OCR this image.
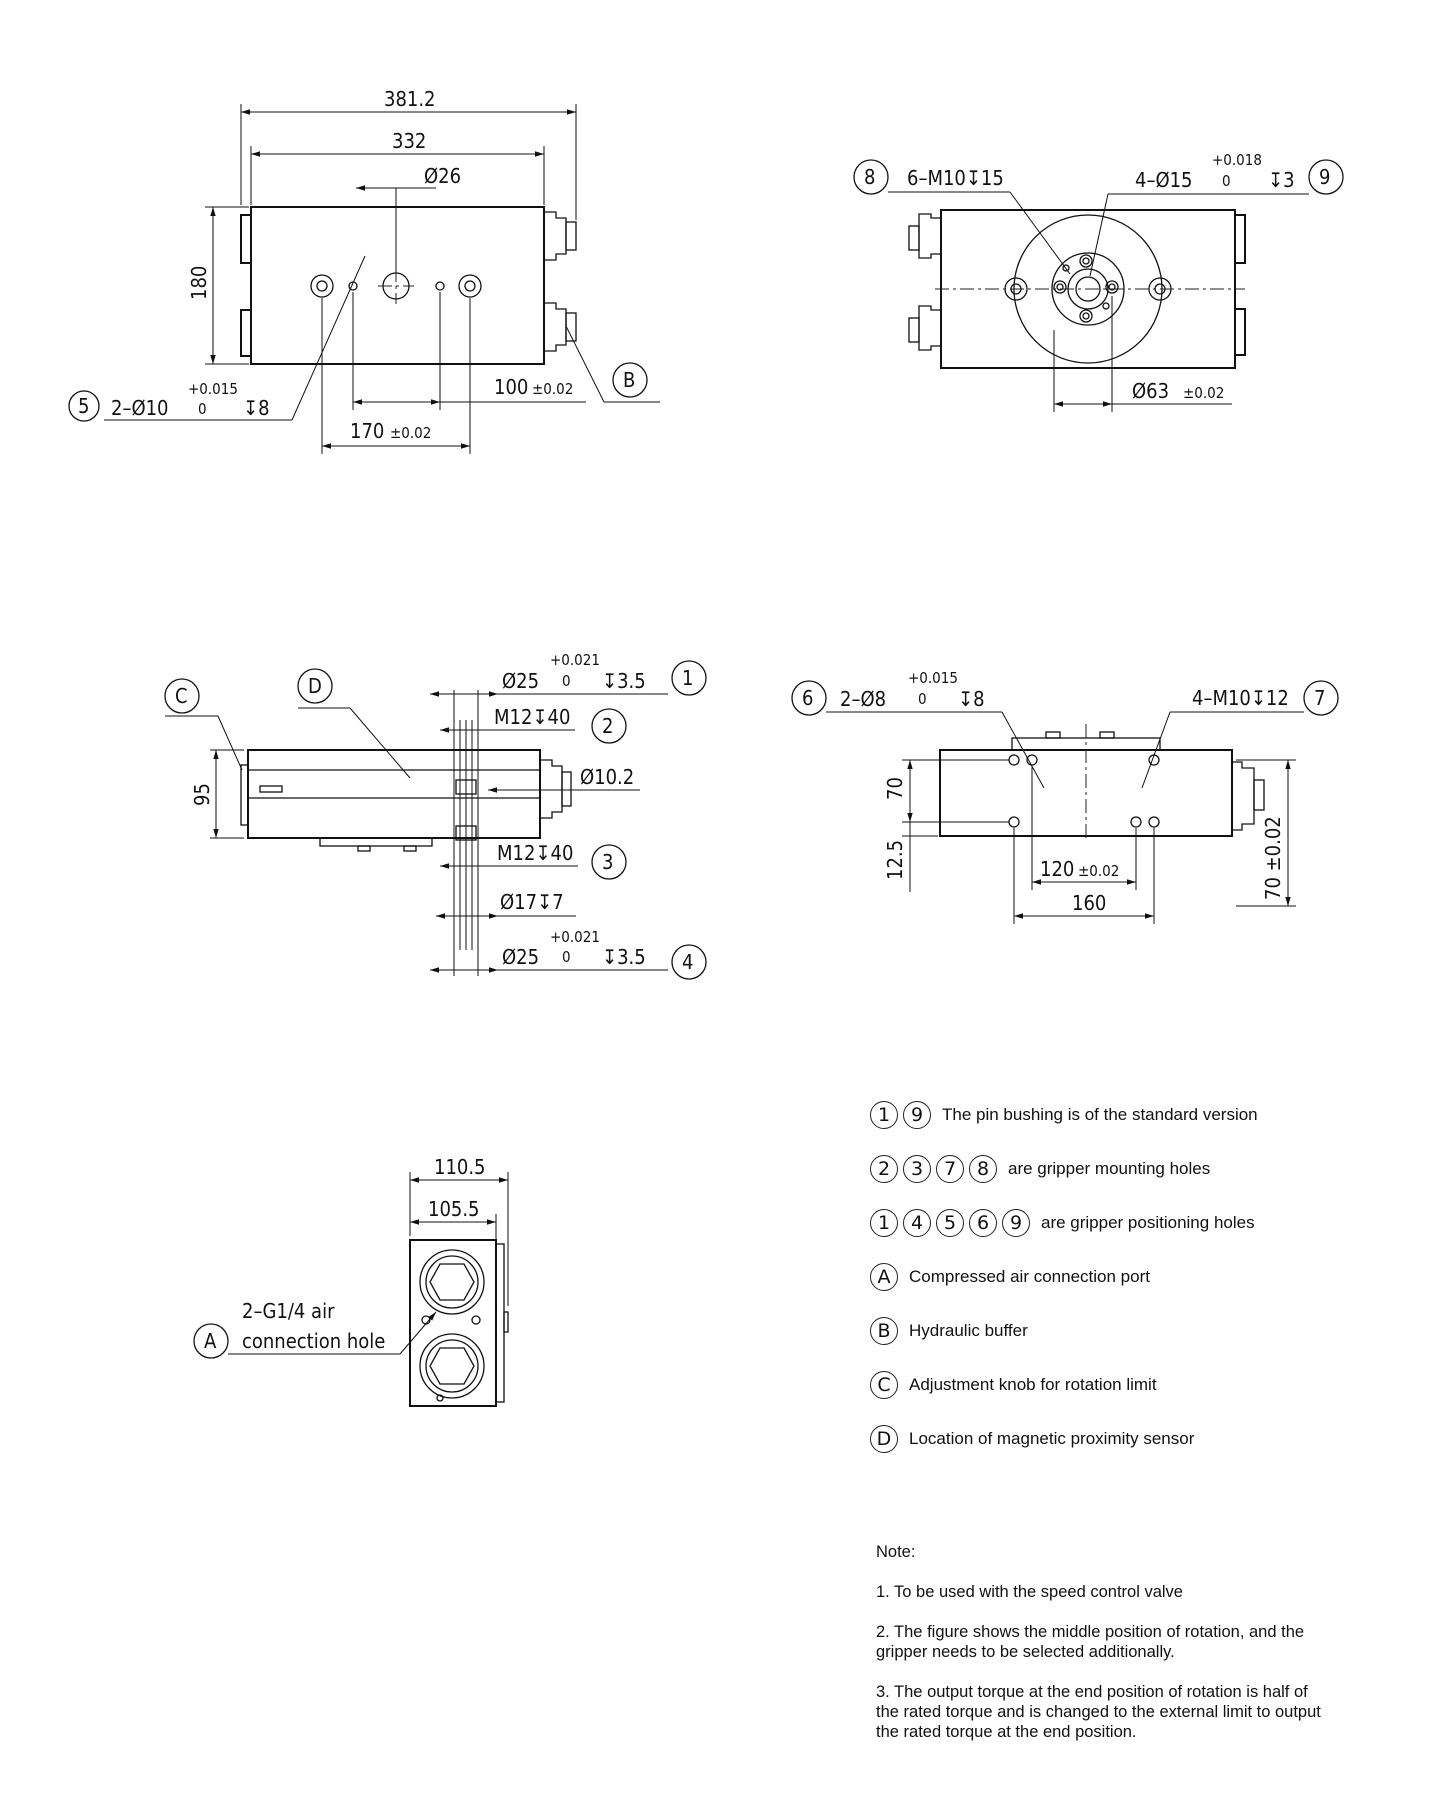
381.2
332
Ø26
180
100 ±0.02
170 ±0.02
5 2–Ø10
+0.015
0 ↧8
B
8 6–M10↧15	9
4–Ø15
+0.018
0 ↧3
Ø63 ±0.02
95
C	D	1
Ø25
+0.021
0 ↧3.5
2
M12↧40
Ø10.2
3
M12↧40
Ø17↧7
4
Ø25
+0.021
0 ↧3.5
6 2–Ø8
+0.015
0 ↧8	7
4–M10↧12
70
12.5	120 ±0.02
160
70 ±0.02
110.5
105.5
A
2–G1/4 air
connection hole
1	9	The pin bushing is of the standard version
2	3	7	8	are gripper mounting holes
1	4	5	6	9	are gripper positioning holes
A	Compressed air connection port
B	Hydraulic buffer
C	Adjustment knob for rotation limit
D	Location of magnetic proximity sensor

Note:

1. To be used with the speed control valve

2. The figure shows the middle position of rotation, and the gripper needs to be selected additionally.

3. The output torque at the end position of rotation is half of the rated torque and is changed to the external limit to output the rated torque at the end position.
